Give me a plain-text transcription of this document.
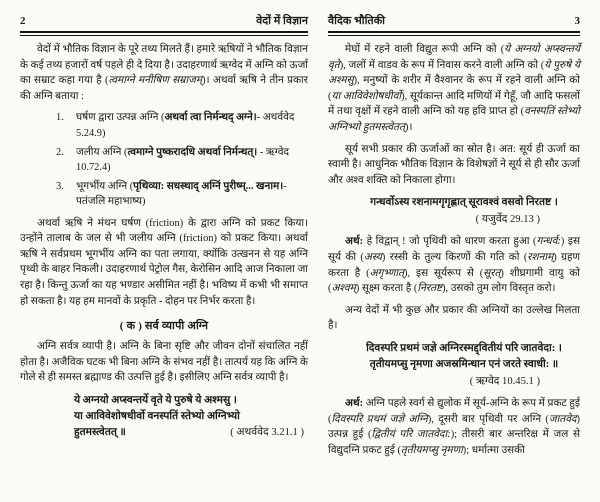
2	वेदों में विज्ञान

वेदों में भौतिक विज्ञान के पूरे तथ्य मिलते हैं। हमारे ऋषियों ने भौतिक विज्ञान के कई तथ्य हजारों वर्ष पहले ही दे दिया है। उदाहरणार्थ ऋग्वेद में अग्नि को ऊर्जा का सम्राट कहा गया है (त्वमाग्ने मनीषिण सम्राजम्)। अथर्वा ऋषि ने तीन प्रकार की अग्नि बताया :

1.	घर्षण द्वारा उत्पन्न अग्नि (अथर्वा त्वा निर्मन्थद् अग्ने।- अथर्ववेद 5.24.9)
2.	जलीय अग्नि (त्वमाग्ने पुष्करादधि अथर्वा निर्मन्थत्। - ऋग्वेद 10.72.4)
3.	भूगर्भीय अग्नि (पृथिव्या: सधस्थाद् अग्निं पुरीष्म्... खनाम।- पतंजलि महाभाष्य)

अथर्वा ऋषि ने मंथन घर्षण (friction) के द्वारा अग्नि को प्रकट किया। उन्होंने तालाब के जल से भी जलीय अग्नि (friction) को प्रकट किया। अथर्वा ऋषि ने सर्वप्रथम भूगर्भीय अग्नि का पता लगाया, क्योंकि उत्खनन से यह अग्नि पृथ्वी के बाहर निकली। उदाहरणार्थ पेट्रोल गैस, केरोसिन आदि आज निकाला जा रहा है। किन्तु ऊर्जा का यह भण्डार असीमित नहीं है। भविष्य में कभी भी समाप्त हो सकता है। यह हम मानवों के प्रकृति - दोहन पर निर्भर करता है।

( क ) सर्व व्यापी अग्नि

अग्नि सर्वत्र व्यापी है। अग्नि के बिना सृष्टि और जीवन दोनों संचालित नहीं होता है। अजैविक घटक भी बिना अग्नि के संभव नहीं है। तात्पर्य यह कि अग्नि के गोले से ही समस्त ब्रह्माण्ड की उत्पत्ति हुई है। इसीलिए अग्नि सर्वत्र व्यापी है।

ये अग्नयो अप्स्वन्तर्ये वृते ये पुरुषे ये अश्मसु ।
या आविवेशोषधीर्वो वनस्पतिं स्तेभ्यो अग्निभ्यो
हुतमस्त्वेतत् ॥	( अथर्ववेद 3.21.1 )
वैदिक भौतिकी	3

मेघों में रहने वाली विद्युत रूपी अग्नि को (ये अग्नयो अप्स्वन्तर्ये वृते), जलों में वाडव के रूप में निवास करने वाली अग्नि को (ये पुरुषे ये अश्मसु), मनुष्यों के शरीर में वैश्वानर के रूप में रहने वाली अग्नि को (या आविवेशोषधीर्वो), सूर्यकान्त आदि मणियों में गेहूँ, जौ आदि फसलों में तथा वृक्षों में रहने वाली अग्नि को यह हवि प्राप्त हो (वनस्पतिं स्तेभ्यो अग्निभ्यो हुतमस्त्वेतत्)।

सूर्य सभी प्रकार की ऊर्जाओं का स्रोत है। अत: सूर्य ही ऊर्जा का स्वामी है। आधुनिक भौतिक विज्ञान के विशेषज्ञों ने सूर्य से ही सौर ऊर्जा और अश्व शक्ति को निकाला होगा।

गन्धर्वोऽस्य रशनामगृगृह्णात् सूरावश्वं वसवो निरतष्ट ।
( यजुर्वेद 29.13 )

अर्थ: हे विद्वान् ! जो पृथिवी को धारण करता हुआ (गन्धर्व:) इस सूर्य की (अस्य) रस्सी के तुल्य किरणों की गति को (रशनाम्) ग्रहण करता है (अगृभ्णात्), इस सूर्यरूप से (सूरत्) शीघ्रगामी वायु को (अश्वम्) सूक्ष्म करता है (निरतष्ट), उसको तुम लोग विस्तृत करो।

अन्य वेदों में भी कुछ और प्रकार की अग्नियों का उल्लेख मिलता है।

दिवस्परि प्रथमं जज्ञे अग्निरस्मद्द्वितीयं परि जातवेदा: ।
तृतीयमप्सु नृमणा अजस्रमिन्धान एनं जरते स्वाधी: ॥
( ऋग्वेद 10.45.1 )

अर्थ: अग्नि पहले स्वर्ग से द्युलोक में सूर्य-अग्नि के रूप में प्रकट हुई (दिवस्परि प्रथमं जज्ञे अग्नि), दूसरी बार पृथिवी पर अग्नि (जातवेद) उत्पन्न हुई (द्वितीयं परि जातवेदा:); तीसरी बार अन्तरिक्ष में जल से विद्युदग्नि प्रकट हुई (तृतीयमप्सु नृमणा); धर्मात्मा उसकी
